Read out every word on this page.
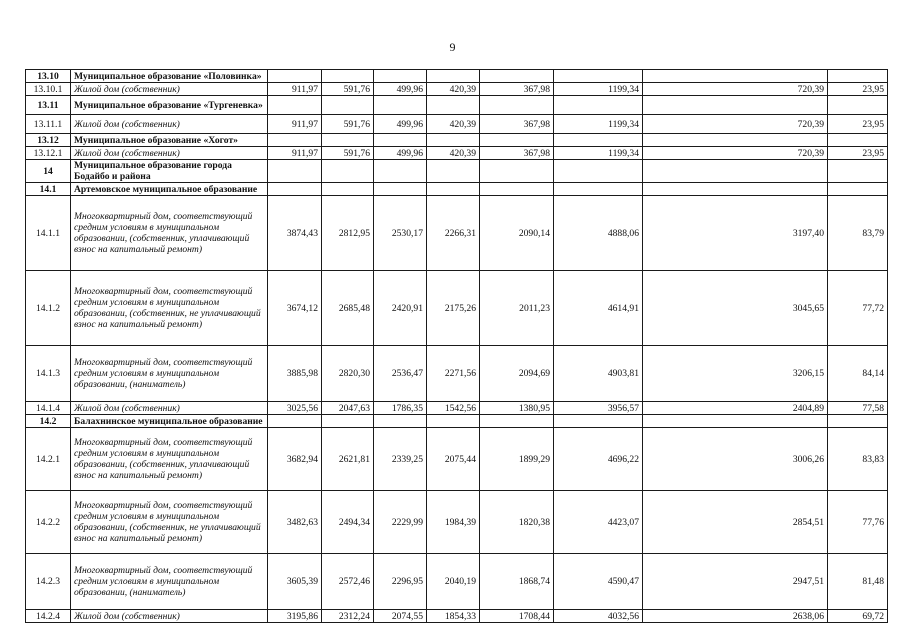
9
13.10	Муниципальное образование «Половинка»								
13.10.1	Жилой дом (собственник)	911,97	591,76	499,96	420,39	367,98	1199,34	720,39	23,95
13.11	Муниципальное образование «Тургеневка»								
13.11.1	Жилой дом (собственник)	911,97	591,76	499,96	420,39	367,98	1199,34	720,39	23,95
13.12	Муниципальное образование «Хогот»								
13.12.1	Жилой дом (собственник)	911,97	591,76	499,96	420,39	367,98	1199,34	720,39	23,95
14	Муниципальное образование города Бодайбо и района								
14.1	Артемовское муниципальное образование								
14.1.1	Многоквартирный дом, соответствующий средним условиям в муниципальном образовании, (собственник, уплачивающий взнос на капитальный ремонт)	3874,43	2812,95	2530,17	2266,31	2090,14	4888,06	3197,40	83,79
14.1.2	Многоквартирный дом, соответствующий средним условиям в муниципальном образовании, (собственник, не уплачивающий взнос на капитальный ремонт)	3674,12	2685,48	2420,91	2175,26	2011,23	4614,91	3045,65	77,72
14.1.3	Многоквартирный дом, соответствующий средним условиям в муниципальном образовании, (наниматель)	3885,98	2820,30	2536,47	2271,56	2094,69	4903,81	3206,15	84,14
14.1.4	Жилой дом (собственник)	3025,56	2047,63	1786,35	1542,56	1380,95	3956,57	2404,89	77,58
14.2	Балахнинское муниципальное образование								
14.2.1	Многоквартирный дом, соответствующий средним условиям в муниципальном образовании, (собственник, уплачивающий взнос на капитальный ремонт)	3682,94	2621,81	2339,25	2075,44	1899,29	4696,22	3006,26	83,83
14.2.2	Многоквартирный дом, соответствующий средним условиям в муниципальном образовании, (собственник, не уплачивающий взнос на капитальный ремонт)	3482,63	2494,34	2229,99	1984,39	1820,38	4423,07	2854,51	77,76
14.2.3	Многоквартирный дом, соответствующий средним условиям в муниципальном образовании, (наниматель)	3605,39	2572,46	2296,95	2040,19	1868,74	4590,47	2947,51	81,48
14.2.4	Жилой дом (собственник)	3195,86	2312,24	2074,55	1854,33	1708,44	4032,56	2638,06	69,72
